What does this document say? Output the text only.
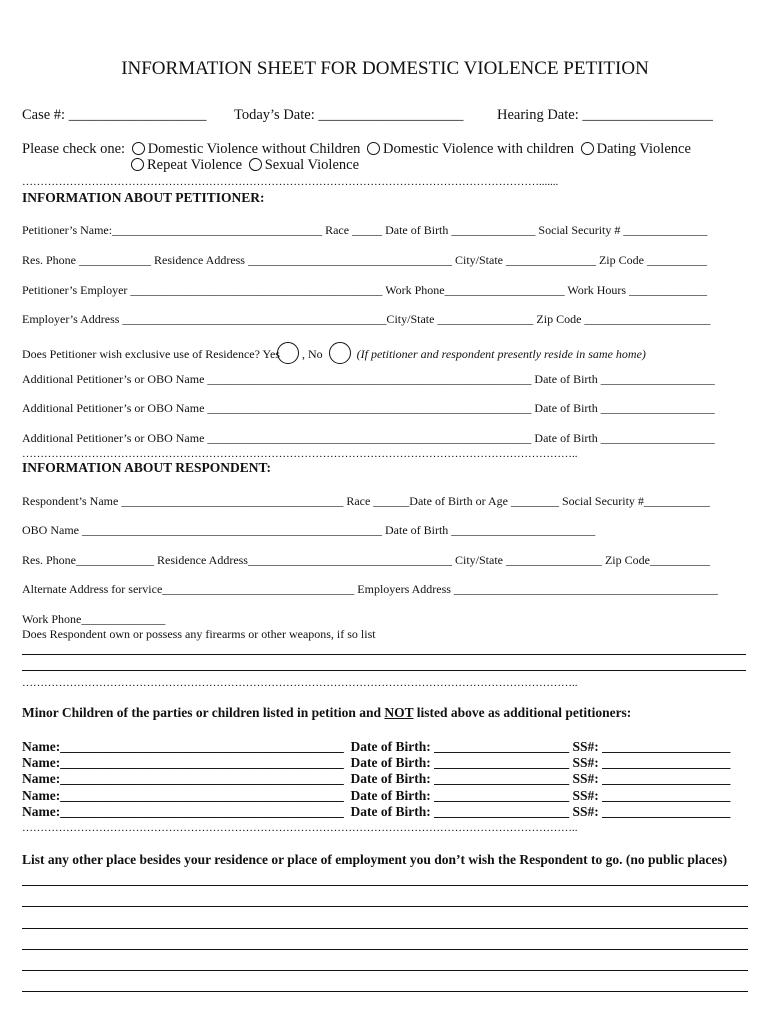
INFORMATION SHEET FOR DOMESTIC VIOLENCE PETITION
Case #: ___________________ Today’s Date: ____________________ Hearing Date: __________________
Please check one: Domestic Violence without Children Domestic Violence with children Dating Violence
Repeat Violence Sexual Violence
…………………………………………………………………………………………………………………………….......
INFORMATION ABOUT PETITIONER:
Petitioner’s Name:___________________________________ Race _____ Date of Birth ______________ Social Security # ______________
Res. Phone ____________ Residence Address __________________________________ City/State _______________ Zip Code __________
Petitioner’s Employer __________________________________________ Work Phone____________________ Work Hours _____________
Employer’s Address ____________________________________________City/State ________________ Zip Code _____________________
Does Petitioner wish exclusive use of Residence? Yes , No	(If petitioner and respondent presently reside in same home)
Additional Petitioner’s or OBO Name ______________________________________________________ Date of Birth ___________________
Additional Petitioner’s or OBO Name ______________________________________________________ Date of Birth ___________________
Additional Petitioner’s or OBO Name ______________________________________________________ Date of Birth ___________________
……………………………………………………………………………………………………………………………………..
INFORMATION ABOUT RESPONDENT:
Respondent’s Name _____________________________________ Race ______Date of Birth or Age ________ Social Security #___________
OBO Name __________________________________________________ Date of Birth ________________________
Res. Phone_____________ Residence Address__________________________________ City/State ________________ Zip Code__________
Alternate Address for service________________________________ Employers Address ____________________________________________
Work Phone______________
Does Respondent own or possess any firearms or other weapons, if so list
……………………………………………………………………………………………………………………………………..
Minor Children of the parties or children listed in petition and NOT listed above as additional petitioners:
Name:__________________________________________  Date of Birth: ____________________ SS#: ___________________
Name:__________________________________________  Date of Birth: ____________________ SS#: ___________________
Name:__________________________________________  Date of Birth: ____________________ SS#: ___________________
Name:__________________________________________  Date of Birth: ____________________ SS#: ___________________
Name:__________________________________________  Date of Birth: ____________________ SS#: ___________________
……………………………………………………………………………………………………………………………………..
List any other place besides your residence or place of employment you don’t wish the Respondent to go. (no public places)
